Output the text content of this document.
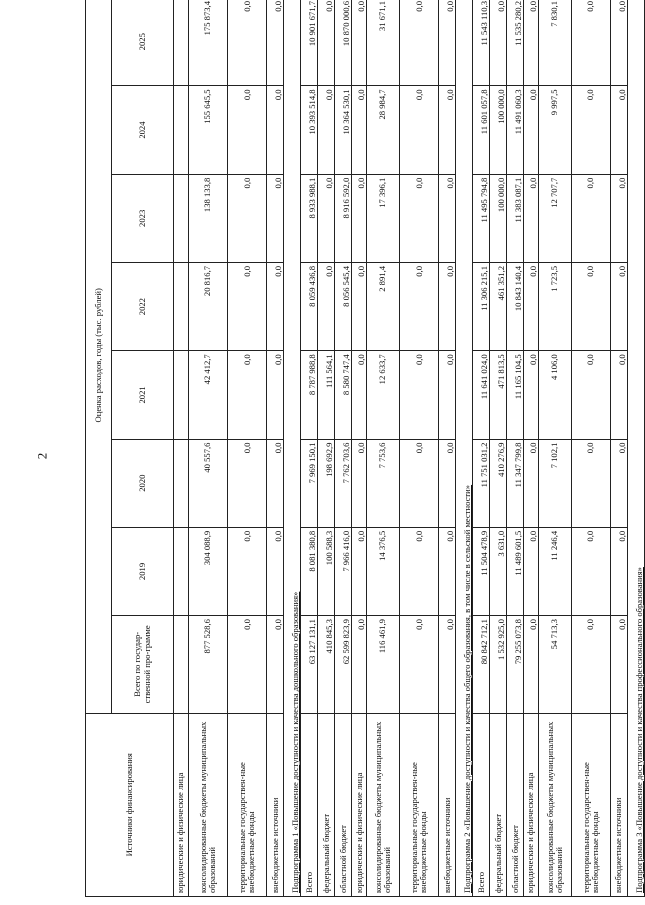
2
Источники финансирования	Оценка расходов, годы (тыс. рублей)							
	Всего по государ-ственной про-грамме	2019	2020	2021	2022	2023	2024	2025
юридические и физические лица								
консолидированные бюджеты муниципальных образований	877 528,6	304 088,9	40 557,6	42 412,7	20 816,7	138 133,8	155 645,5	175 873,4
территориальные государствен-ные внебюджетные фонды	0,0	0,0	0,0	0,0	0,0	0,0	0,0	0,0
внебюджетные источники	0,0	0,0	0,0	0,0	0,0	0,0	0,0	0,0
Подпрограмма 1 «Повышение доступности и качества дошкольного образования»								
Всего	63 127 131,1	8 081 380,8	7 969 150,1	8 787 988,8	8 059 436,8	8 933 988,1	10 393 514,8	10 901 671,7
федеральный бюджет	410 845,3	100 588,3	198 692,9	111 564,1	0,0	0,0	0,0	0,0
областной бюджет	62 599 823,9	7 966 416,0	7 762 703,6	8 580 747,4	8 056 545,4	8 916 592,0	10 364 530,1	10 870 000,6
юридические и физические лица	0,0	0,0	0,0	0,0	0,0	0,0	0,0	0,0
консолидированные бюджеты муниципальных образований	116 461,9	14 376,5	7 753,6	12 633,7	2 891,4	17 396,1	28 984,7	31 671,1
территориальные государствен-ные внебюджетные фонды	0,0	0,0	0,0	0,0	0,0	0,0	0,0	0,0
внебюджетные источники	0,0	0,0	0,0	0,0	0,0	0,0	0,0	0,0
Подпрограмма 2 «Повышение доступности и качества общего образования, в том числе в сельской местности»								
Всего	80 842 712,1	11 504 478,9	11 751 031,2	11 641 024,0	11 306 215,1	11 495 794,8	11 601 057,8	11 543 110,3
федеральный бюджет	1 532 925,0	3 631,0	410 276,9	471 813,5	461 351,2	100 000,0	100 000,0	0,0
областной бюджет	79 255 073,8	11 489 601,5	11 347 799,8	11 165 104,5	10 843 140,4	11 383 087,1	11 491 060,3	11 535 280,2
юридические и физические лица	0,0	0,0	0,0	0,0	0,0	0,0	0,0	0,0
консолидированные бюджеты муниципальных образований	54 713,3	11 246,4	7 102,1	4 106,0	1 723,5	12 707,7	9 997,5	7 830,1
территориальные государствен-ные внебюджетные фонды	0,0	0,0	0,0	0,0	0,0	0,0	0,0	0,0
внебюджетные источники	0,0	0,0	0,0	0,0	0,0	0,0	0,0	0,0
Подпрограмма 3 «Повышение доступности и качества профессионального образования»								
